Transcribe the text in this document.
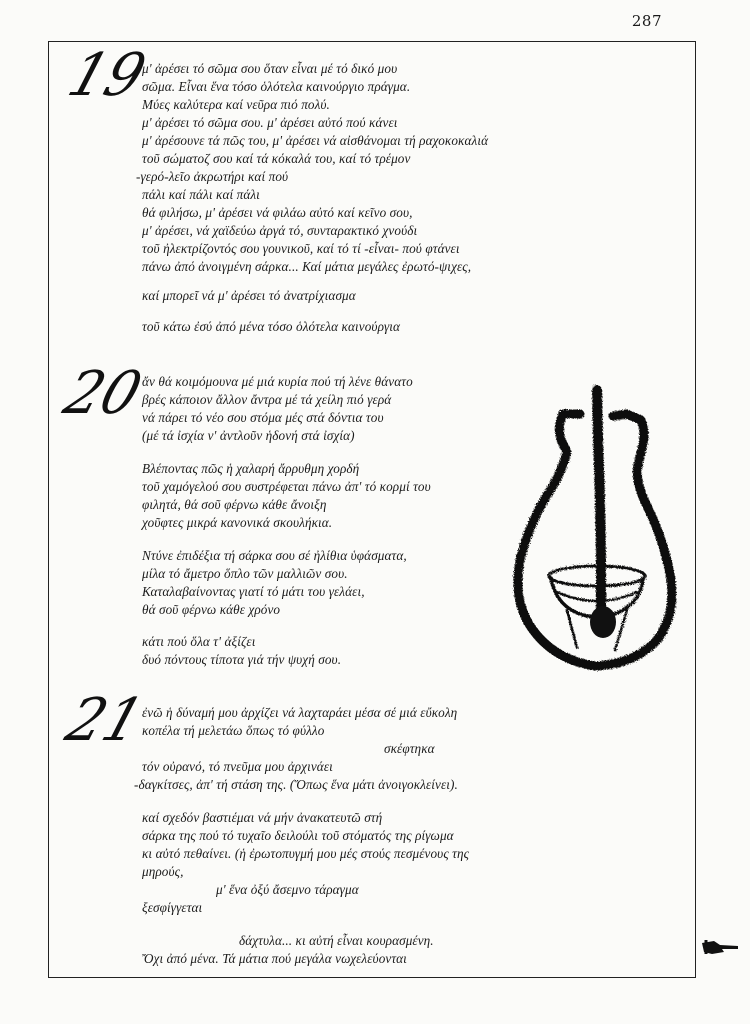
287
19
μ' ἀρέσει τό σῶμα σου ὅταν εἶναι μέ τό δικό μου
σῶμα. Εἶναι ἕνα τόσο ὁλότελα καινούργιο πράγμα.
Μύες καλύτερα καί νεῦρα πιό πολύ.
μ' ἀρέσει τό σῶμα σου. μ' ἀρέσει αὐτό πού κάνει
μ' ἀρέσουνε τά πῶς του, μ' ἀρέσει νά αἰσθάνομαι τή ραχοκοκαλιά
τοῦ σώματοζ σου καί τά κόκαλά του, καί τό τρέμον
-γερό-λεῖο ἀκρωτήρι καί πού
πάλι καί πάλι καί πάλι
θά φιλήσω, μ' ἀρέσει νά φιλάω αὐτό καί κεῖνο σου,
μ' ἀρέσει, νά χαϊδεύω ἀργά τό, συνταρακτικό χνούδι
τοῦ ἠλεκτρίζοντός σου γουνικοῦ, καί τό τί -εἶναι- πού φτάνει
πάνω ἀπό ἀνοιγμένη σάρκα... Καί μάτια μεγάλες ἐρωτό-ψιχες,
καί μπορεῖ νά μ' ἀρέσει τό ἀνατρίχιασμα
τοῦ κάτω ἐσύ ἀπό μένα τόσο ὁλότελα καινούργια
20
ἄν θά κοιμόμουνα μέ μιά κυρία πού τή λένε θάνατο
βρές κάποιον ἄλλον ἄντρα μέ τά χείλη πιό γερά
νά πάρει τό νέο σου στόμα μές στά δόντια του
(μέ τά ἰσχία ν' ἀντλοῦν ἡδονή στά ἰσχία)
Βλέποντας πῶς ἡ χαλαρή ἄρρυθμη χορδή
τοῦ χαμόγελού σου συστρέφεται πάνω ἀπ' τό κορμί του
φιλητά, θά σοῦ φέρνω κάθε ἄνοιξη
χοῦφτες μικρά κανονικά σκουλήκια.
Ντύνε ἐπιδέξια τή σάρκα σου σέ ἠλίθια ὑφάσματα,
μίλα τό ἄμετρο ὅπλο τῶν μαλλιῶν σου.
Καταλαβαίνοντας γιατί τό μάτι του γελάει,
θά σοῦ φέρνω κάθε χρόνο
κάτι πού ὅλα τ' ἀξίζει
δυό πόντους τίποτα γιά τήν ψυχή σου.
21
ἐνῶ ἡ δύναμή μου ἀρχίζει νά λαχταράει μέσα σέ μιά εὔκολη
κοπέλα τή μελετάω ὅπως τό φύλλο
σκέφτηκα
τόν οὐρανό, τό πνεῦμα μου ἀρχινάει
-δαγκίτσες, ἀπ' τή στάση της. (Ὅπως ἕνα μάτι ἀνοιγοκλείνει).
καί σχεδόν βαστιέμαι νά μήν ἀνακατευτῶ στή
σάρκα της πού τό τυχαῖο δειλούλι τοῦ στόματός της ρίγωμα
κι αὐτό πεθαίνει. (ἡ ἐρωτοπυγμή μου μές στούς πεσμένους της
μηρούς,
μ' ἕνα ὀξύ ἄσεμνο τάραγμα
ξεσφίγγεται
δάχτυλα... κι αὐτή εἶναι κουρασμένη.
Ὄχι ἀπό μένα. Τά μάτια πού μεγάλα νωχελεύονται
